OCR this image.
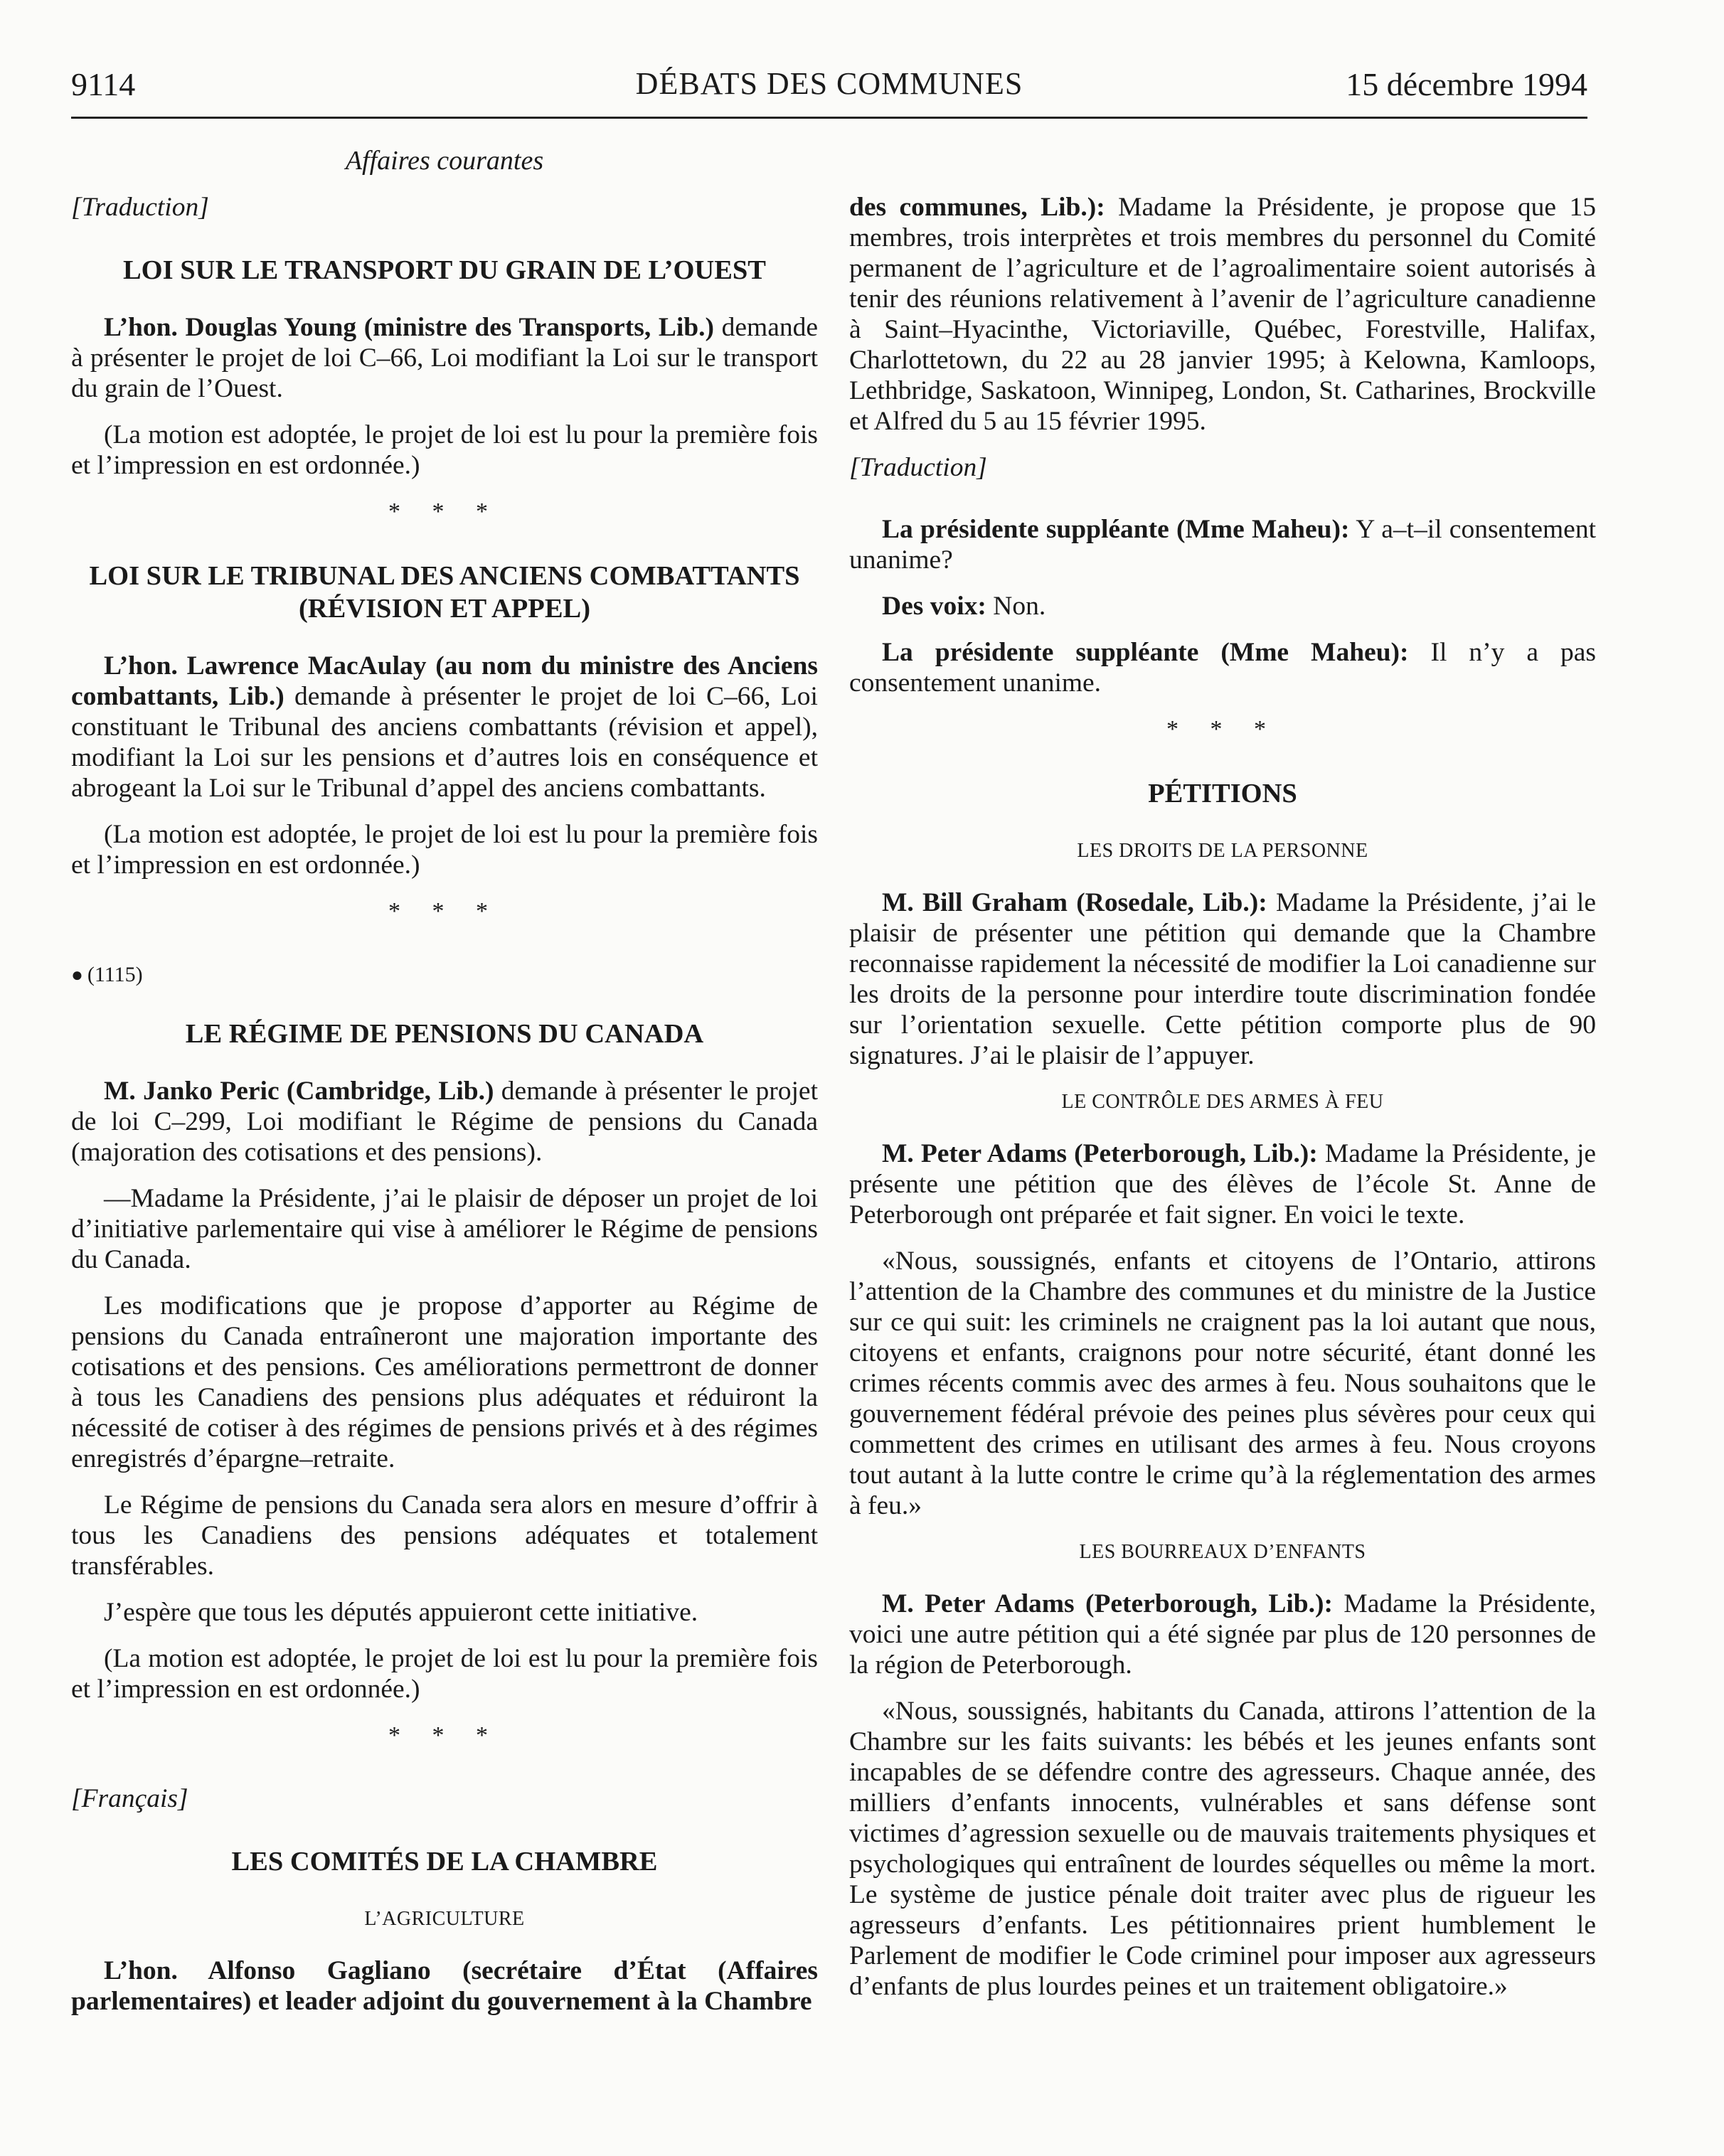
9114	DÉBATS DES COMMUNES	15 décembre 1994
Affaires courantes
[Traduction]
LOI SUR LE TRANSPORT DU GRAIN DE L’OUEST

L’hon. Douglas Young (ministre des Transports, Lib.) demande à présenter le projet de loi C–66, Loi modifiant la Loi sur le transport du grain de l’Ouest.

(La motion est adoptée, le projet de loi est lu pour la première fois et l’impression en est ordonnée.)

* * *
LOI SUR LE TRIBUNAL DES ANCIENS COMBATTANTS (RÉVISION ET APPEL)

L’hon. Lawrence MacAulay (au nom du ministre des Anciens combattants, Lib.) demande à présenter le projet de loi C–66, Loi constituant le Tribunal des anciens combattants (révision et appel), modifiant la Loi sur les pensions et d’autres lois en conséquence et abrogeant la Loi sur le Tribunal d’appel des anciens combattants.

(La motion est adoptée, le projet de loi est lu pour la première fois et l’impression en est ordonnée.)

* * *
● (1115)
LE RÉGIME DE PENSIONS DU CANADA

M. Janko Peric (Cambridge, Lib.) demande à présenter le projet de loi C–299, Loi modifiant le Régime de pensions du Canada (majoration des cotisations et des pensions).

—Madame la Présidente, j’ai le plaisir de déposer un projet de loi d’initiative parlementaire qui vise à améliorer le Régime de pensions du Canada.

Les modifications que je propose d’apporter au Régime de pensions du Canada entraîneront une majoration importante des cotisations et des pensions. Ces améliorations permettront de donner à tous les Canadiens des pensions plus adéquates et réduiront la nécessité de cotiser à des régimes de pensions privés et à des régimes enregistrés d’épargne–retraite.

Le Régime de pensions du Canada sera alors en mesure d’offrir à tous les Canadiens des pensions adéquates et totalement transférables.

J’espère que tous les députés appuieront cette initiative.

(La motion est adoptée, le projet de loi est lu pour la première fois et l’impression en est ordonnée.)

* * *
[Français]
LES COMITÉS DE LA CHAMBRE
L’AGRICULTURE

L’hon. Alfonso Gagliano (secrétaire d’État (Affaires parlementaires) et leader adjoint du gouvernement à la Chambre

des communes, Lib.): Madame la Présidente, je propose que 15 membres, trois interprètes et trois membres du personnel du Comité permanent de l’agriculture et de l’agroalimentaire soient autorisés à tenir des réunions relativement à l’avenir de l’agriculture canadienne à Saint–Hyacinthe, Victoriaville, Québec, Forestville, Halifax, Charlottetown, du 22 au 28 janvier 1995; à Kelowna, Kamloops, Lethbridge, Saskatoon, Winnipeg, London, St. Catharines, Brockville et Alfred du 5 au 15 février 1995.

[Traduction]

La présidente suppléante (Mme Maheu): Y a–t–il consentement unanime?

Des voix: Non.

La présidente suppléante (Mme Maheu): Il n’y a pas consentement unanime.

* * *
PÉTITIONS
LES DROITS DE LA PERSONNE

M. Bill Graham (Rosedale, Lib.): Madame la Présidente, j’ai le plaisir de présenter une pétition qui demande que la Chambre reconnaisse rapidement la nécessité de modifier la Loi canadienne sur les droits de la personne pour interdire toute discrimination fondée sur l’orientation sexuelle. Cette pétition comporte plus de 90 signatures. J’ai le plaisir de l’appuyer.

LE CONTRÔLE DES ARMES À FEU

M. Peter Adams (Peterborough, Lib.): Madame la Présidente, je présente une pétition que des élèves de l’école St. Anne de Peterborough ont préparée et fait signer. En voici le texte.

«Nous, soussignés, enfants et citoyens de l’Ontario, attirons l’attention de la Chambre des communes et du ministre de la Justice sur ce qui suit: les criminels ne craignent pas la loi autant que nous, citoyens et enfants, craignons pour notre sécurité, étant donné les crimes récents commis avec des armes à feu. Nous souhaitons que le gouvernement fédéral prévoie des peines plus sévères pour ceux qui commettent des crimes en utilisant des armes à feu. Nous croyons tout autant à la lutte contre le crime qu’à la réglementation des armes à feu.»

LES BOURREAUX D’ENFANTS

M. Peter Adams (Peterborough, Lib.): Madame la Présidente, voici une autre pétition qui a été signée par plus de 120 personnes de la région de Peterborough.

«Nous, soussignés, habitants du Canada, attirons l’attention de la Chambre sur les faits suivants: les bébés et les jeunes enfants sont incapables de se défendre contre des agresseurs. Chaque année, des milliers d’enfants innocents, vulnérables et sans défense sont victimes d’agression sexuelle ou de mauvais traitements physiques et psychologiques qui entraînent de lourdes séquelles ou même la mort. Le système de justice pénale doit traiter avec plus de rigueur les agresseurs d’enfants. Les pétitionnaires prient humblement le Parlement de modifier le Code criminel pour imposer aux agresseurs d’enfants de plus lourdes peines et un traitement obligatoire.»
